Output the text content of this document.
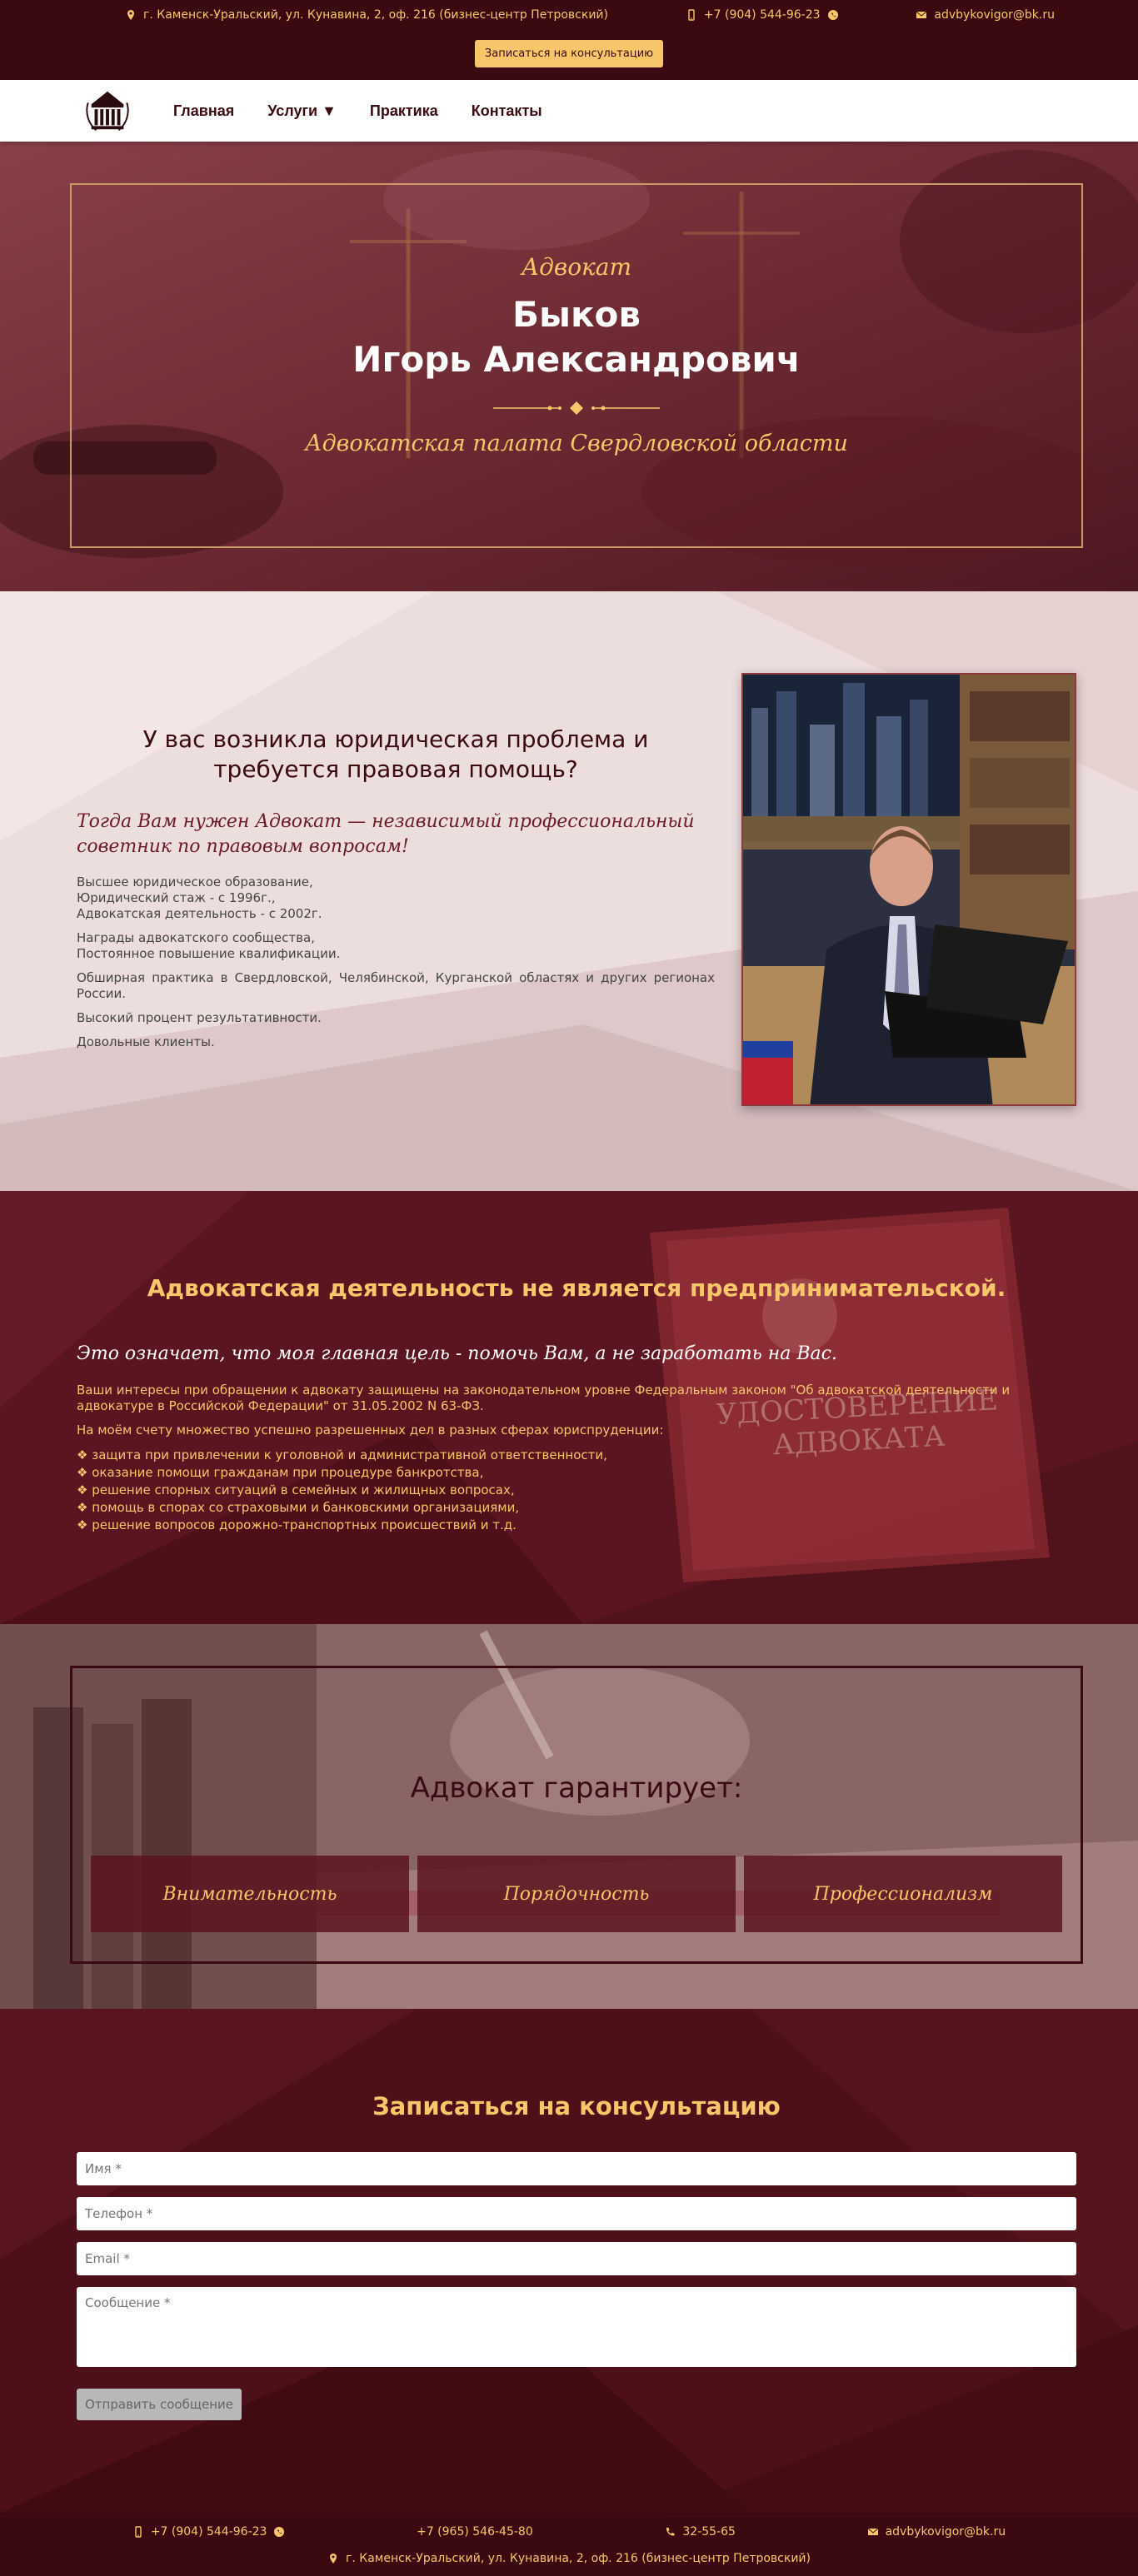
г. Каменск-Уральский, ул. Кунавина, 2, оф. 216 (бизнес-центр Петровский)	+7 (904) 544-96-23	advbykovigor@bk.ru
Записаться на консультацию
Главная Услуги ▼ Практика Контакты
Адвокат
Быков
Игорь Александрович
Адвокатская палата Свердловской области
У вас возникла юридическая проблема и требуется правовая помощь?
Тогда Вам нужен Адвокат — независимый профессиональный советник по правовым вопросам!

Высшее юридическое образование,
Юридический стаж - с 1996г.,
Адвокатская деятельность - с 2002г.

Награды адвокатского сообщества,
Постоянное повышение квалификации.

Обширная практика в Свердловской, Челябинской, Курганской областях и других регионах России.

Высокий процент результативности.

Довольные клиенты.

УДОСТОВЕРЕНИЕ
АДВОКАТА
Адвокатская деятельность не является предпринимательской.
Это означает, что моя главная цель - помочь Вам, а не заработать на Вас.

Ваши интересы при обращении к адвокату защищены на законодательном уровне Федеральным законом "Об адвокатской деятельности и адвокатуре в Российской Федерации" от 31.05.2002 N 63-ФЗ.

На моём счету множество успешно разрешенных дел в разных сферах юриспруденции:

❖ защита при привлечении к уголовной и административной ответственности,
❖ оказание помощи гражданам при процедуре банкротства,
❖ решение спорных ситуаций в семейных и жилищных вопросах,
❖ помощь в спорах со страховыми и банковскими организациями,
❖ решение вопросов дорожно-транспортных происшествий и т.д.
Адвокат гарантирует:
Внимательность	Порядочность	Профессионализм
Записаться на консультацию
Имя *
Телефон *
Email *
Сообщение * Отправить сообщение
+7 (904) 544-96-23	+7 (965) 546-45-80	32-55-65	advbykovigor@bk.ru
г. Каменск-Уральский, ул. Кунавина, 2, оф. 216 (бизнес-центр Петровский)
